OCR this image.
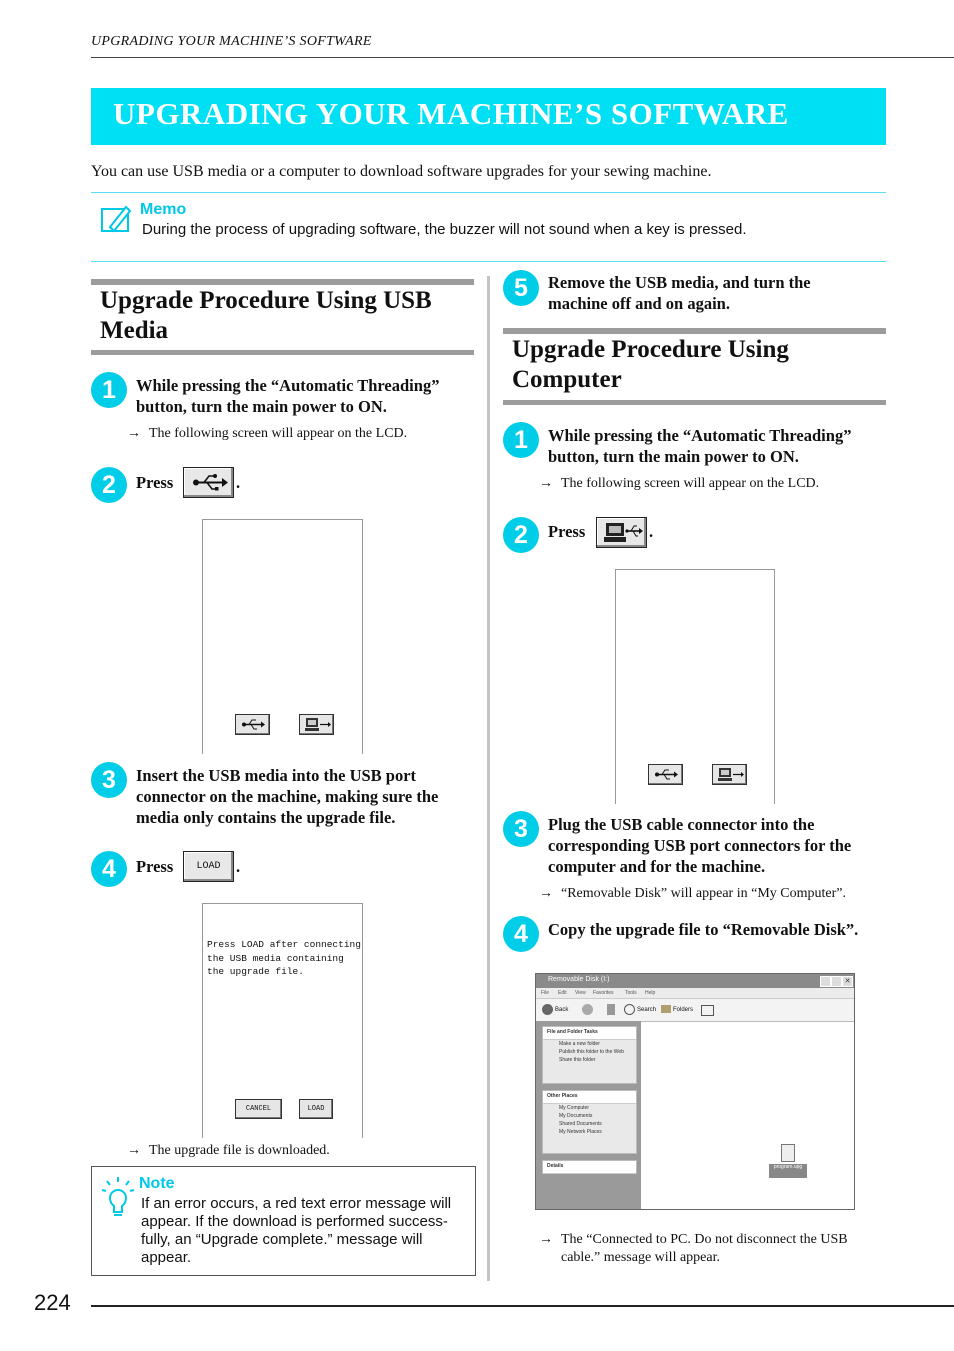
UPGRADING YOUR MACHINE’S SOFTWARE
UPGRADING YOUR MACHINE’S SOFTWARE
You can use USB media or a computer to download software upgrades for your sewing machine.
Memo
During the process of upgrading software, the buzzer will not sound when a key is pressed.
Upgrade Procedure Using USB
Media
1	While pressing the “Automatic Threading”
button, turn the main power to ON.
→ The following screen will appear on the LCD.
2	Press	.
3	Insert the USB media into the USB port
connector on the machine, making sure the
media only contains the upgrade file.
4	Press	LOAD .
Press LOAD after connecting
the USB media containing
the upgrade file.
CANCEL	LOAD
→ The upgrade file is downloaded.
Note
If an error occurs, a red text error message will appear. If the download is performed success-fully, an “Upgrade complete.” message will appear.
5	Remove the USB media, and turn the
machine off and on again.
Upgrade Procedure Using
Computer
1	While pressing the “Automatic Threading”
button, turn the main power to ON.
→ The following screen will appear on the LCD.
2	Press	.
3	Plug the USB cable connector into the
corresponding USB port connectors for the
computer and for the machine.
→ “Removable Disk” will appear in “My Computer”.
4	Copy the upgrade file to “Removable Disk”.
Removable Disk (I:)	✕
File Edit View Favorites Tools Help
Back	Search	Folders
File and Folder Tasks
Make a new folder
Publish this folder to the Web
Share this folder
Other Places
My Computer
My Documents
Shared Documents
My Network Places
Details	program.upg
→ The “Connected to PC. Do not disconnect the USB
cable.” message will appear.
224
